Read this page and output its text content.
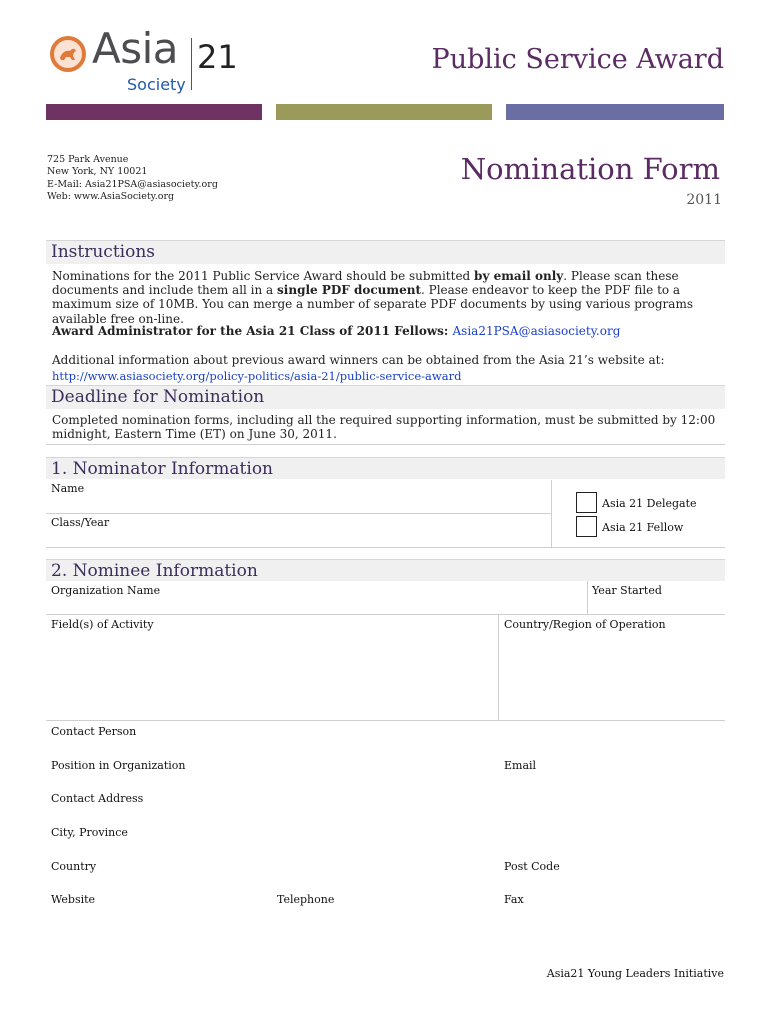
Asia 21
Society
Public Service Award
725 Park Avenue
New York, NY 10021
E-Mail: Asia21PSA@asiasociety.org
Web: www.AsiaSociety.org
Nomination Form
2011
Instructions
Nominations for the 2011 Public Service Award should be submitted by email only. Please scan these documents and include them all in a single PDF document. Please endeavor to keep the PDF file to a maximum size of 10MB. You can merge a number of separate PDF documents by using various programs available free on-line.
Award Administrator for the Asia 21 Class of 2011 Fellows: Asia21PSA@asiasociety.org
Additional information about previous award winners can be obtained from the Asia 21’s website at:
http://www.asiasociety.org/policy-politics/asia-21/public-service-award
Deadline for Nomination
Completed nomination forms, including all the required supporting information, must be submitted by 12:00 midnight, Eastern Time (ET) on June 30, 2011.
1. Nominator Information
Name
Class/Year
Asia 21 Delegate
Asia 21 Fellow
2. Nominee Information
Organization Name	Year Started
Field(s) of Activity	Country/Region of Operation
Contact Person
Position in Organization	Email
Contact Address
City, Province
Country	Post Code
Website	Telephone	Fax
Asia21 Young Leaders Initiative
